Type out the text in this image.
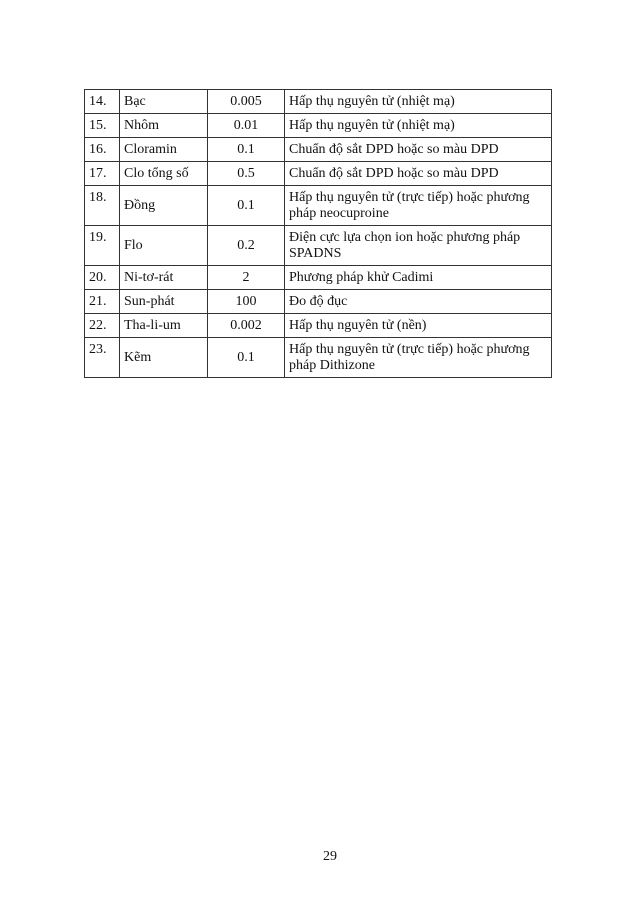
14.	Bạc	0.005	Hấp thụ nguyên tử (nhiệt mạ)
15.	Nhôm	0.01	Hấp thụ nguyên tử (nhiệt mạ)
16.	Cloramin	0.1	Chuẩn độ sắt DPD hoặc so màu DPD
17.	Clo tổng số	0.5	Chuẩn độ sắt DPD hoặc so màu DPD
18.	Đồng	0.1	Hấp thụ nguyên tử (trực tiếp) hoặc phương pháp neocuproine
19.	Flo	0.2	Điện cực lựa chọn ion hoặc phương pháp SPADNS
20.	Ni-tơ-rát	2	Phương pháp khử Cadimi
21.	Sun-phát	100	Đo độ đục
22.	Tha-li-um	0.002	Hấp thụ nguyên tử (nền)
23.	Kẽm	0.1	Hấp thụ nguyên tử (trực tiếp) hoặc phương pháp Dithizone
29
